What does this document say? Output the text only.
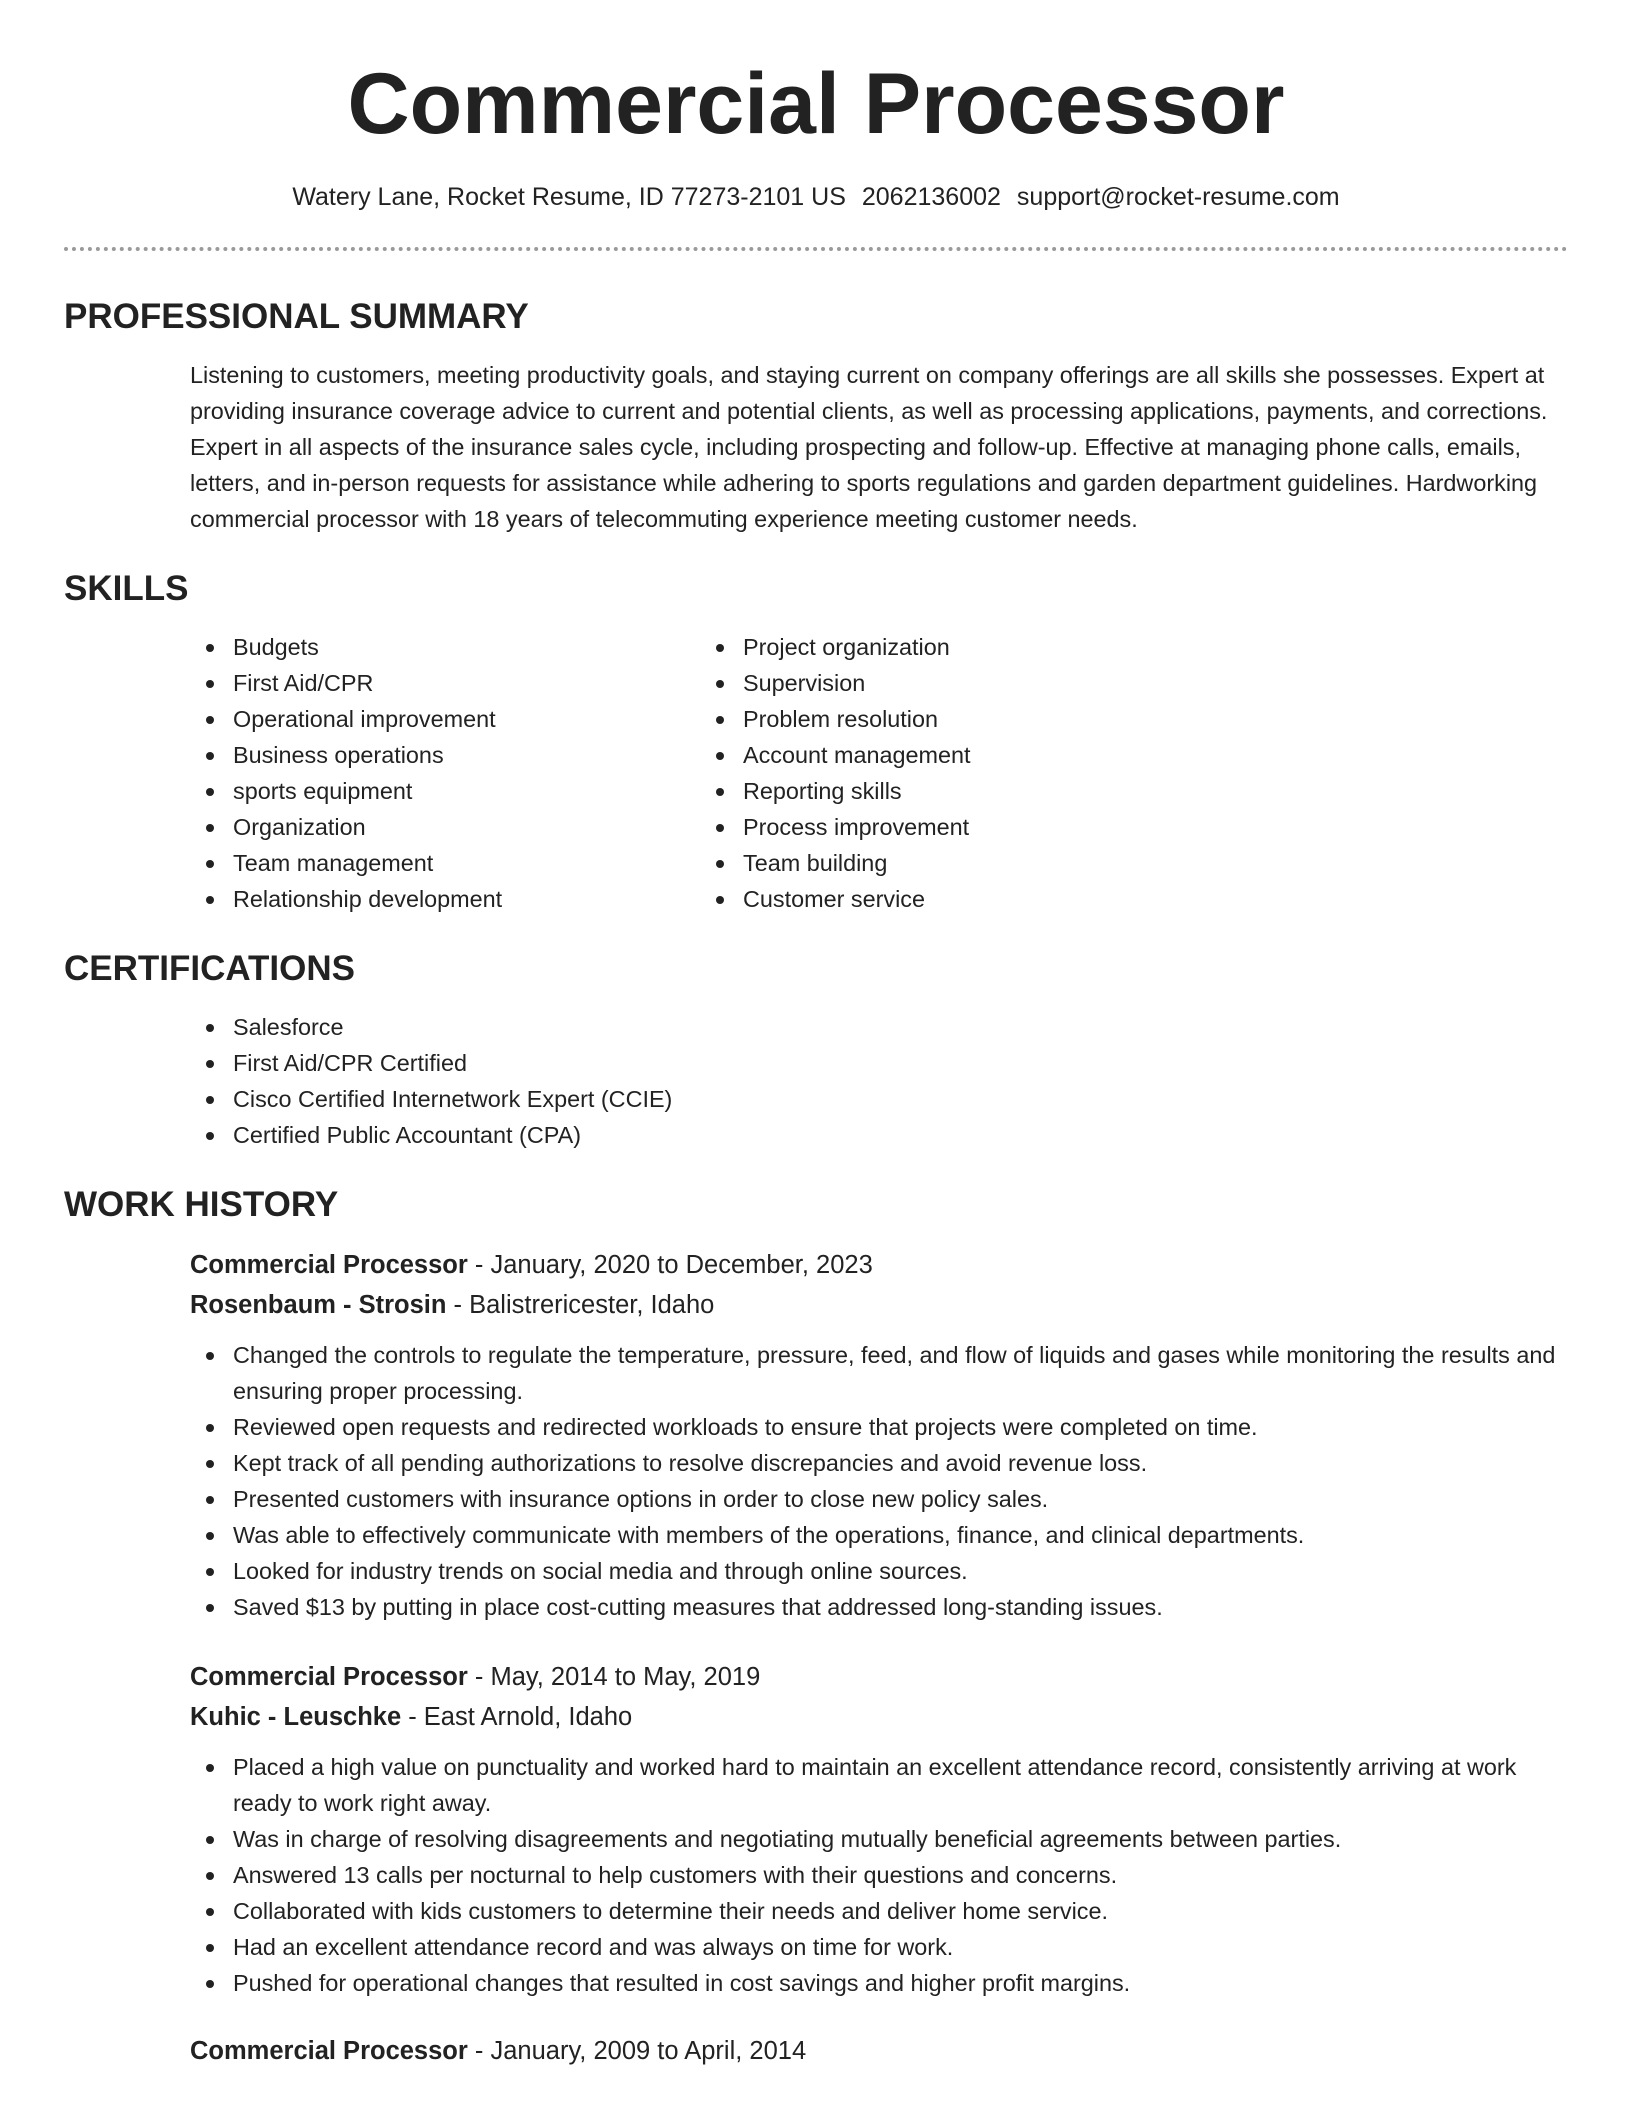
Commercial Processor
Watery Lane, Rocket Resume, ID 77273-2101 US 2062136002 support@rocket-resume.com
PROFESSIONAL SUMMARY

Listening to customers, meeting productivity goals, and staying current on company offerings are all skills she possesses. Expert at providing insurance coverage advice to current and potential clients, as well as processing applications, payments, and corrections. Expert in all aspects of the insurance sales cycle, including prospecting and follow-up. Effective at managing phone calls, emails, letters, and in-person requests for assistance while adhering to sports regulations and garden department guidelines. Hardworking commercial processor with 18 years of telecommuting experience meeting customer needs.

SKILLS
Budgets
First Aid/CPR
Operational improvement
Business operations
sports equipment
Organization
Team management
Relationship development
Project organization
Supervision
Problem resolution
Account management
Reporting skills
Process improvement
Team building
Customer service
CERTIFICATIONS
Salesforce
First Aid/CPR Certified
Cisco Certified Internetwork Expert (CCIE)
Certified Public Accountant (CPA)
WORK HISTORY
Commercial Processor - January, 2020 to December, 2023
Rosenbaum - Strosin - Balistrericester, Idaho
Changed the controls to regulate the temperature, pressure, feed, and flow of liquids and gases while monitoring the results and ensuring proper processing.
Reviewed open requests and redirected workloads to ensure that projects were completed on time.
Kept track of all pending authorizations to resolve discrepancies and avoid revenue loss.
Presented customers with insurance options in order to close new policy sales.
Was able to effectively communicate with members of the operations, finance, and clinical departments.
Looked for industry trends on social media and through online sources.
Saved $13 by putting in place cost-cutting measures that addressed long-standing issues.
Commercial Processor - May, 2014 to May, 2019
Kuhic - Leuschke - East Arnold, Idaho
Placed a high value on punctuality and worked hard to maintain an excellent attendance record, consistently arriving at work ready to work right away.
Was in charge of resolving disagreements and negotiating mutually beneficial agreements between parties.
Answered 13 calls per nocturnal to help customers with their questions and concerns.
Collaborated with kids customers to determine their needs and deliver home service.
Had an excellent attendance record and was always on time for work.
Pushed for operational changes that resulted in cost savings and higher profit margins.
Commercial Processor - January, 2009 to April, 2014
